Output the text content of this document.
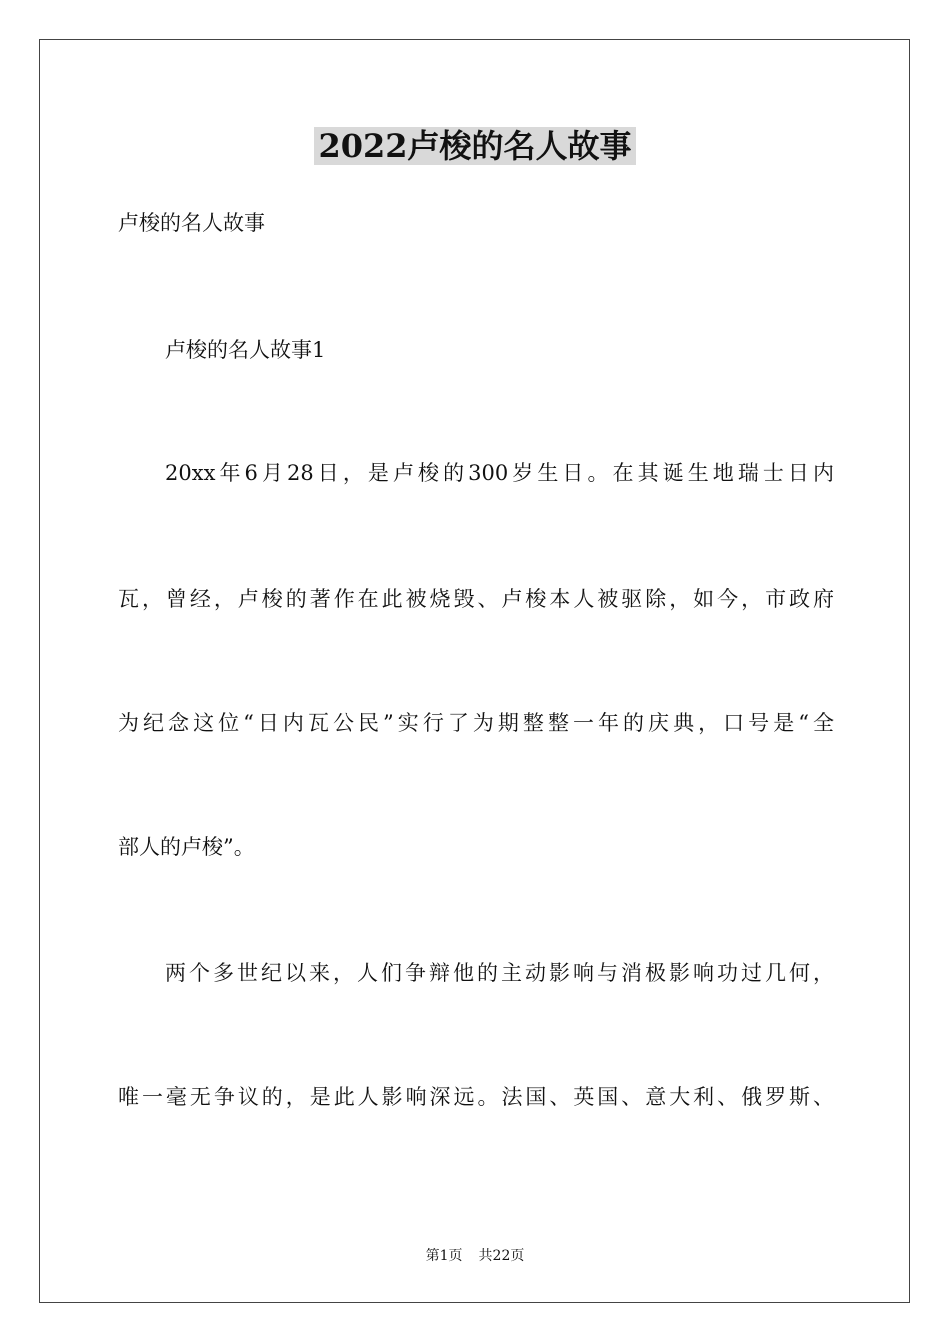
2022卢梭的名人故事
卢梭的名人故事
卢梭的名人故事1
20xx年6月28日，是卢梭的300岁生日。在其诞生地瑞士日内
瓦，曾经，卢梭的著作在此被烧毁、卢梭本人被驱除，如今，市政府
为纪念这位“日内瓦公民”实行了为期整整一年的庆典，口号是“全
部人的卢梭”。
两个多世纪以来，人们争辩他的主动影响与消极影响功过几何，
唯一毫无争议的，是此人影响深远。法国、英国、意大利、俄罗斯、
第1页 共22页
